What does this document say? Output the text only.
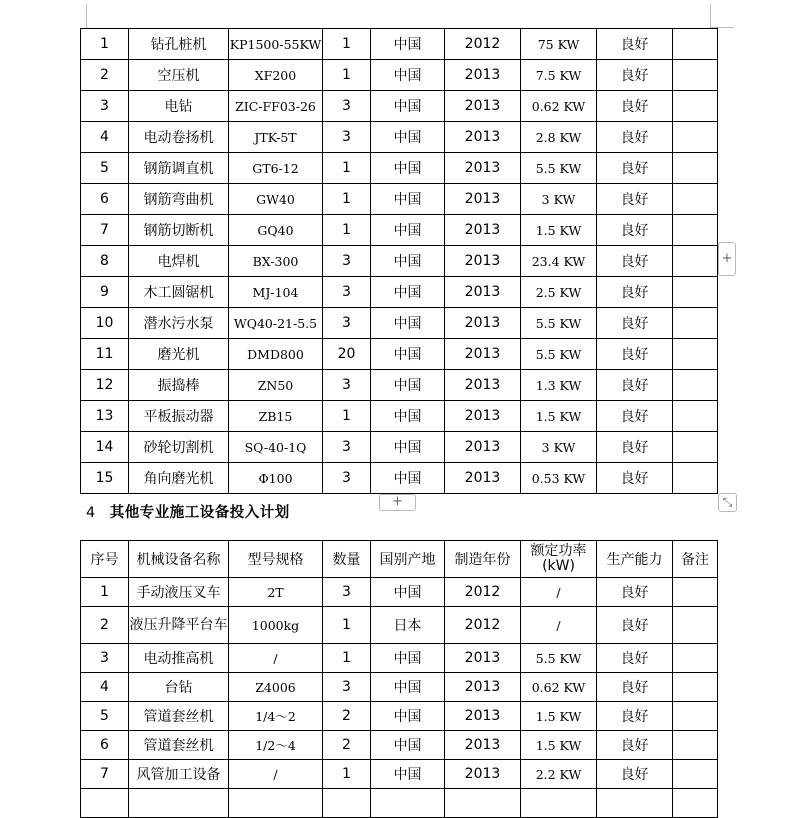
1	钻孔桩机	KP1500-55KW	1	中国	2012	75 KW	良好	
2	空压机	XF200	1	中国	2013	7.5 KW	良好	
3	电钻	ZIC-FF03-26	3	中国	2013	0.62 KW	良好	
4	电动卷扬机	JTK-5T	3	中国	2013	2.8 KW	良好	
5	钢筋调直机	GT6-12	1	中国	2013	5.5 KW	良好	
6	钢筋弯曲机	GW40	1	中国	2013	3 KW	良好	
7	钢筋切断机	GQ40	1	中国	2013	1.5 KW	良好	
8	电焊机	BX-300	3	中国	2013	23.4 KW	良好	
9	木工圆锯机	MJ-104	3	中国	2013	2.5 KW	良好	
10	潜水污水泵	WQ40-21-5.5	3	中国	2013	5.5 KW	良好	
11	磨光机	DMD800	20	中国	2013	5.5 KW	良好	
12	振捣棒	ZN50	3	中国	2013	1.3 KW	良好	
13	平板振动器	ZB15	1	中国	2013	1.5 KW	良好	
14	砂轮切割机	SQ-40-1Q	3	中国	2013	3 KW	良好	
15	角向磨光机	Φ100	3	中国	2013	0.53 KW	良好	
+
+
⤡
4 其他专业施工设备投入计划
序号	机械设备名称	型号规格	数量	国别产地	制造年份	额定功率(kW)	生产能力	备注
1	手动液压叉车	2T	3	中国	2012	/	良好	
2	液压升降平台车	1000kg	1	日本	2012	/	良好	
3	电动推高机	/	1	中国	2013	5.5 KW	良好	
4	台钻	Z4006	3	中国	2013	0.62 KW	良好	
5	管道套丝机	1/4～2	2	中国	2013	1.5 KW	良好	
6	管道套丝机	1/2～4	2	中国	2013	1.5 KW	良好	
7	风管加工设备	/	1	中国	2013	2.2 KW	良好	
